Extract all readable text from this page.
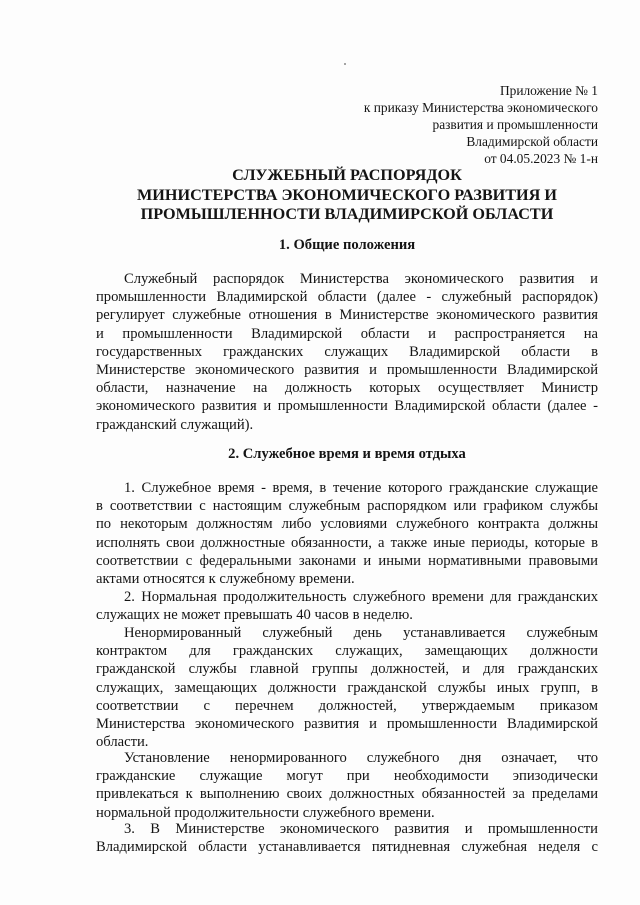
Приложение № 1
к приказу Министерства экономического
развития и промышленности
Владимирской области
от 04.05.2023 № 1-н
СЛУЖЕБНЫЙ РАСПОРЯДОК
МИНИСТЕРСТВА ЭКОНОМИЧЕСКОГО РАЗВИТИЯ И
ПРОМЫШЛЕННОСТИ ВЛАДИМИРСКОЙ ОБЛАСТИ
1. Общие положения
Служебный распорядок Министерства экономического развития и
промышленности Владимирской области (далее - служебный распорядок)
регулирует служебные отношения в Министерстве экономического развития
и промышленности Владимирской области и распространяется на
государственных гражданских служащих Владимирской области в
Министерстве экономического развития и промышленности Владимирской
области, назначение на должность которых осуществляет Министр
экономического развития и промышленности Владимирской области (далее -
гражданский служащий).
2. Служебное время и время отдыха
1. Служебное время - время, в течение которого гражданские служащие
в соответствии с настоящим служебным распорядком или графиком службы
по некоторым должностям либо условиями служебного контракта должны
исполнять свои должностные обязанности, а также иные периоды, которые в
соответствии с федеральными законами и иными нормативными правовыми
актами относятся к служебному времени.
2. Нормальная продолжительность служебного времени для гражданских
служащих не может превышать 40 часов в неделю.
Ненормированный служебный день устанавливается служебным
контрактом для гражданских служащих, замещающих должности
гражданской службы главной группы должностей, и для гражданских
служащих, замещающих должности гражданской службы иных групп, в
соответствии с перечнем должностей, утверждаемым приказом
Министерства экономического развития и промышленности Владимирской
области.
Установление ненормированного служебного дня означает, что
гражданские служащие могут при необходимости эпизодически
привлекаться к выполнению своих должностных обязанностей за пределами
нормальной продолжительности служебного времени.
3. В Министерстве экономического развития и промышленности
Владимирской области устанавливается пятидневная служебная неделя с
